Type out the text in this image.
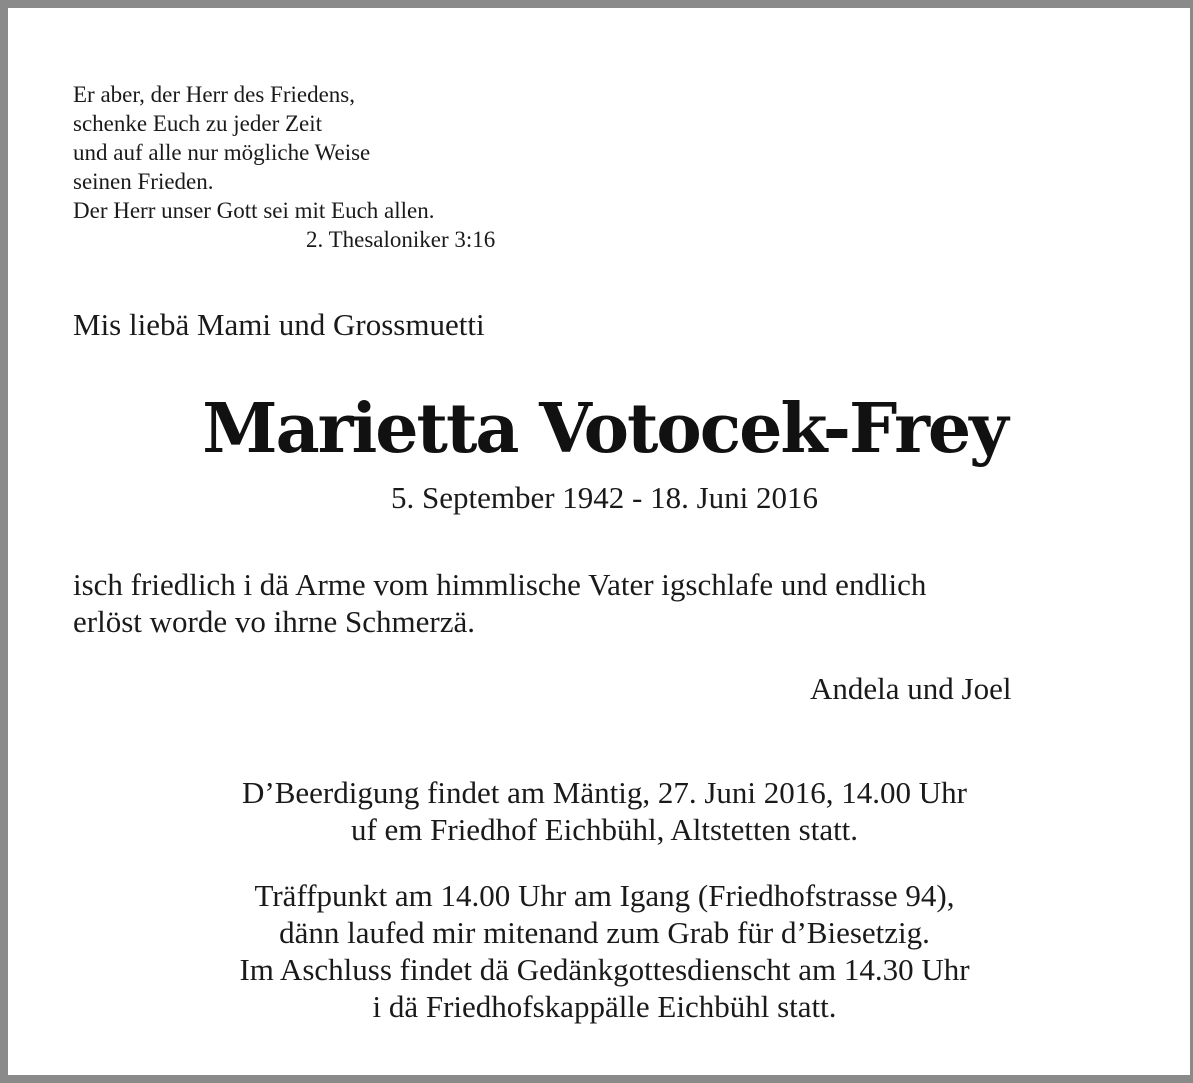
Er aber, der Herr des Friedens,
schenke Euch zu jeder Zeit
und auf alle nur mögliche Weise
seinen Frieden.
Der Herr unser Gott sei mit Euch allen.
2. Thesaloniker 3:16
Mis liebä Mami und Grossmuetti
Marietta Votocek-Frey
5. September 1942 - 18. Juni 2016
isch friedlich i dä Arme vom himmlische Vater igschlafe und endlich
erlöst worde vo ihrne Schmerzä.
Andela und Joel
D’Beerdigung findet am Mäntig, 27. Juni 2016, 14.00 Uhr
uf em Friedhof Eichbühl, Altstetten statt.
Träffpunkt am 14.00 Uhr am Igang (Friedhofstrasse 94),
dänn laufed mir mitenand zum Grab für d’Biesetzig.
Im Aschluss findet dä Gedänkgottesdienscht am 14.30 Uhr
i dä Friedhofskappälle Eichbühl statt.
